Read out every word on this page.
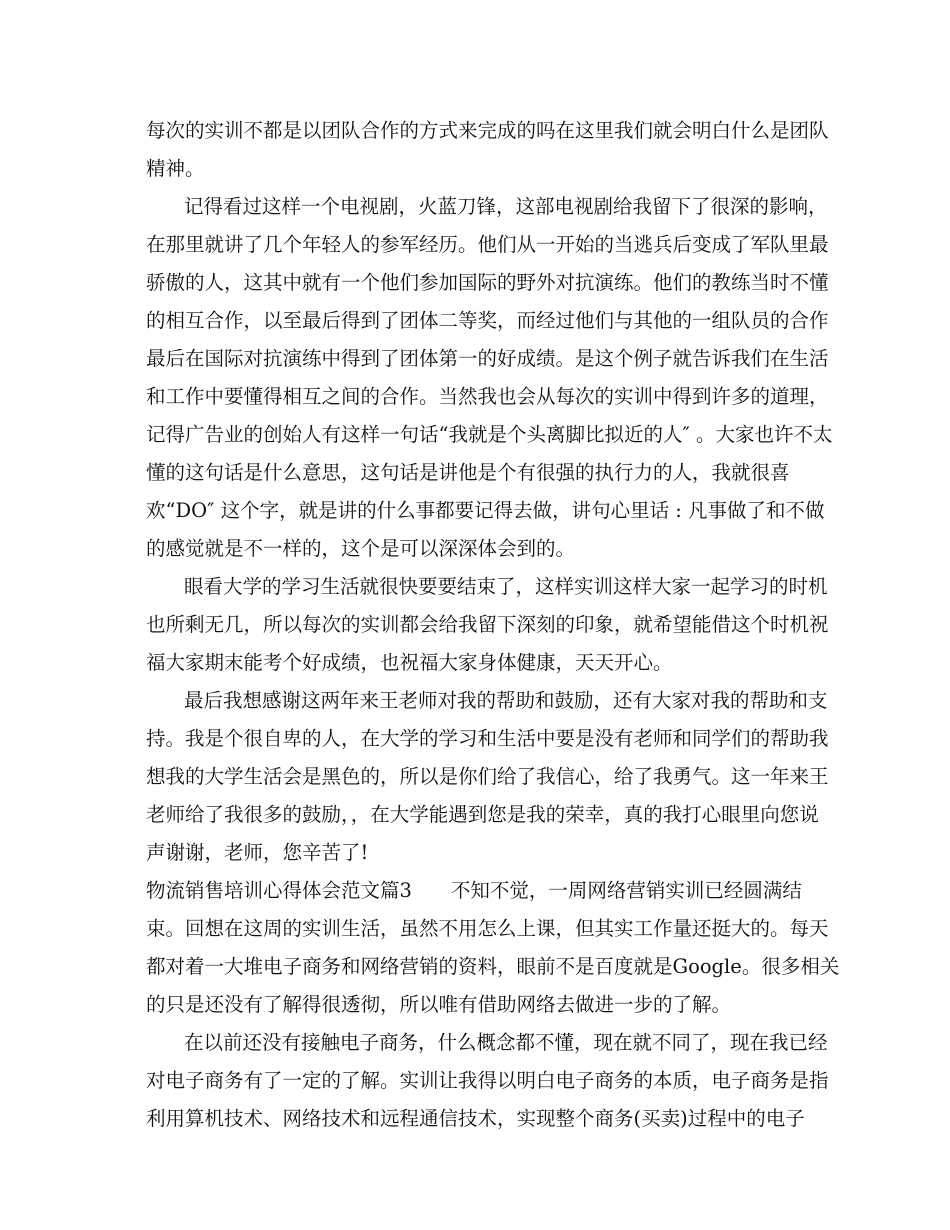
每次的实训不都是以团队合作的方式来完成的吗在这里我们就会明白什么是团队
精神。
记得看过这样一个电视剧，火蓝刀锋，这部电视剧给我留下了很深的影响，
在那里就讲了几个年轻人的参军经历。他们从一开始的当逃兵后变成了军队里最
骄傲的人，这其中就有一个他们参加国际的野外对抗演练。他们的教练当时不懂
的相互合作，以至最后得到了团体二等奖，而经过他们与其他的一组队员的合作
最后在国际对抗演练中得到了团体第一的好成绩。是这个例子就告诉我们在生活
和工作中要懂得相互之间的合作。当然我也会从每次的实训中得到许多的道理，
记得广告业的创始人有这样一句话“我就是个头离脚比拟近的人″ 。大家也许不太
懂的这句话是什么意思，这句话是讲他是个有很强的执行力的人，我就很喜
欢“DO″ 这个字，就是讲的什么事都要记得去做，讲句心里话 : 凡事做了和不做
的感觉就是不一样的，这个是可以深深体会到的。
眼看大学的学习生活就很快要要结束了，这样实训这样大家一起学习的时机
也所剩无几，所以每次的实训都会给我留下深刻的印象，就希望能借这个时机祝
福大家期末能考个好成绩，也祝福大家身体健康，天天开心。
最后我想感谢这两年来王老师对我的帮助和鼓励，还有大家对我的帮助和支
持。我是个很自卑的人，在大学的学习和生活中要是没有老师和同学们的帮助我
想我的大学生活会是黑色的，所以是你们给了我信心，给了我勇气。这一年来王
老师给了我很多的鼓励，，在大学能遇到您是我的荣幸，真的我打心眼里向您说
声谢谢，老师，您辛苦了!
物流销售培训心得体会范文篇3　　不知不觉，一周网络营销实训已经圆满结
束。回想在这周的实训生活，虽然不用怎么上课，但其实工作量还挺大的。每天
都对着一大堆电子商务和网络营销的资料，眼前不是百度就是Google。很多相关
的只是还没有了解得很透彻，所以唯有借助网络去做进一步的了解。
在以前还没有接触电子商务，什么概念都不懂，现在就不同了，现在我已经
对电子商务有了一定的了解。实训让我得以明白电子商务的本质，电子商务是指
利用算机技术、网络技术和远程通信技术，实现整个商务(买卖)过程中的电子
